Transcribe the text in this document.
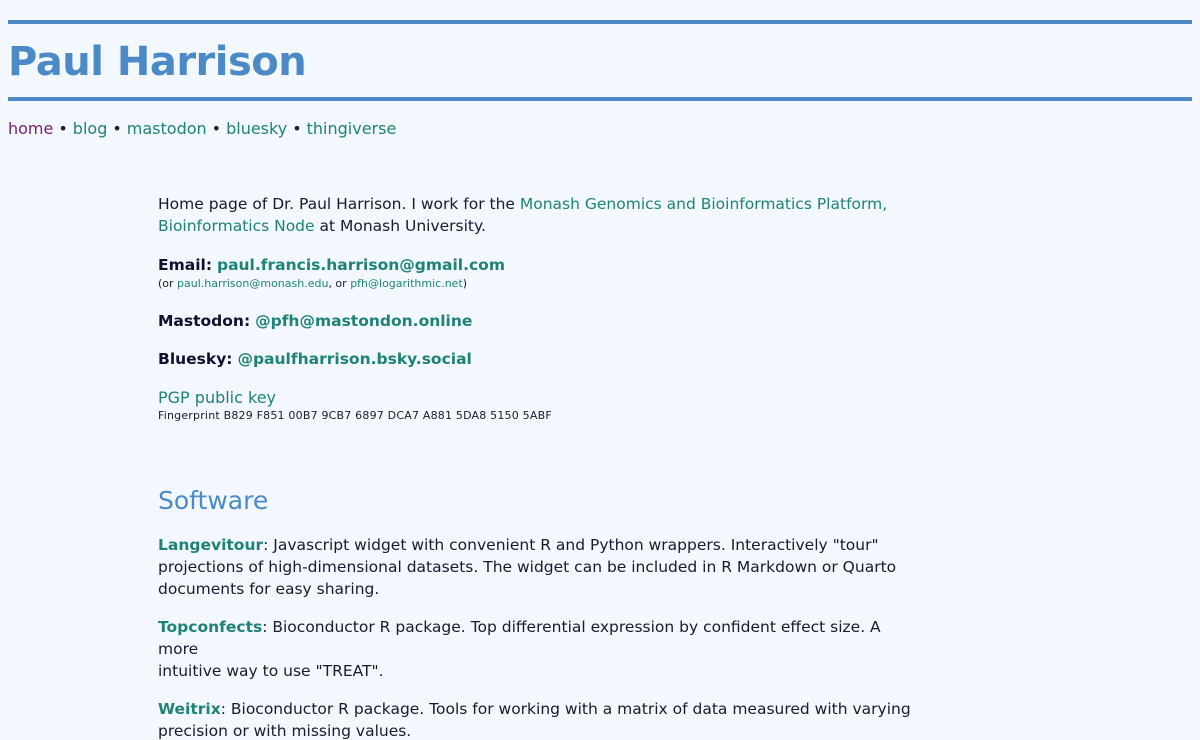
Paul Harrison
home • blog • mastodon • bluesky • thingiverse

Home page of Dr. Paul Harrison. I work for the Monash Genomics and Bioinformatics Platform,
Bioinformatics Node at Monash University.

Email: paul.francis.harrison@gmail.com

(or paul.harrison@monash.edu, or pfh@logarithmic.net)

Mastodon: @pfh@mastondon.online

Bluesky: @paulfharrison.bsky.social

PGP public key

Fingerprint B829 F851 00B7 9CB7 6897 DCA7 A881 5DA8 5150 5ABF

Software

Langevitour: Javascript widget with convenient R and Python wrappers. Interactively "tour"
projections of high-dimensional datasets. The widget can be included in R Markdown or Quarto
documents for easy sharing.

Topconfects: Bioconductor R package. Top differential expression by confident effect size. A more
intuitive way to use "TREAT".

Weitrix: Bioconductor R package. Tools for working with a matrix of data measured with varying
precision or with missing values.
